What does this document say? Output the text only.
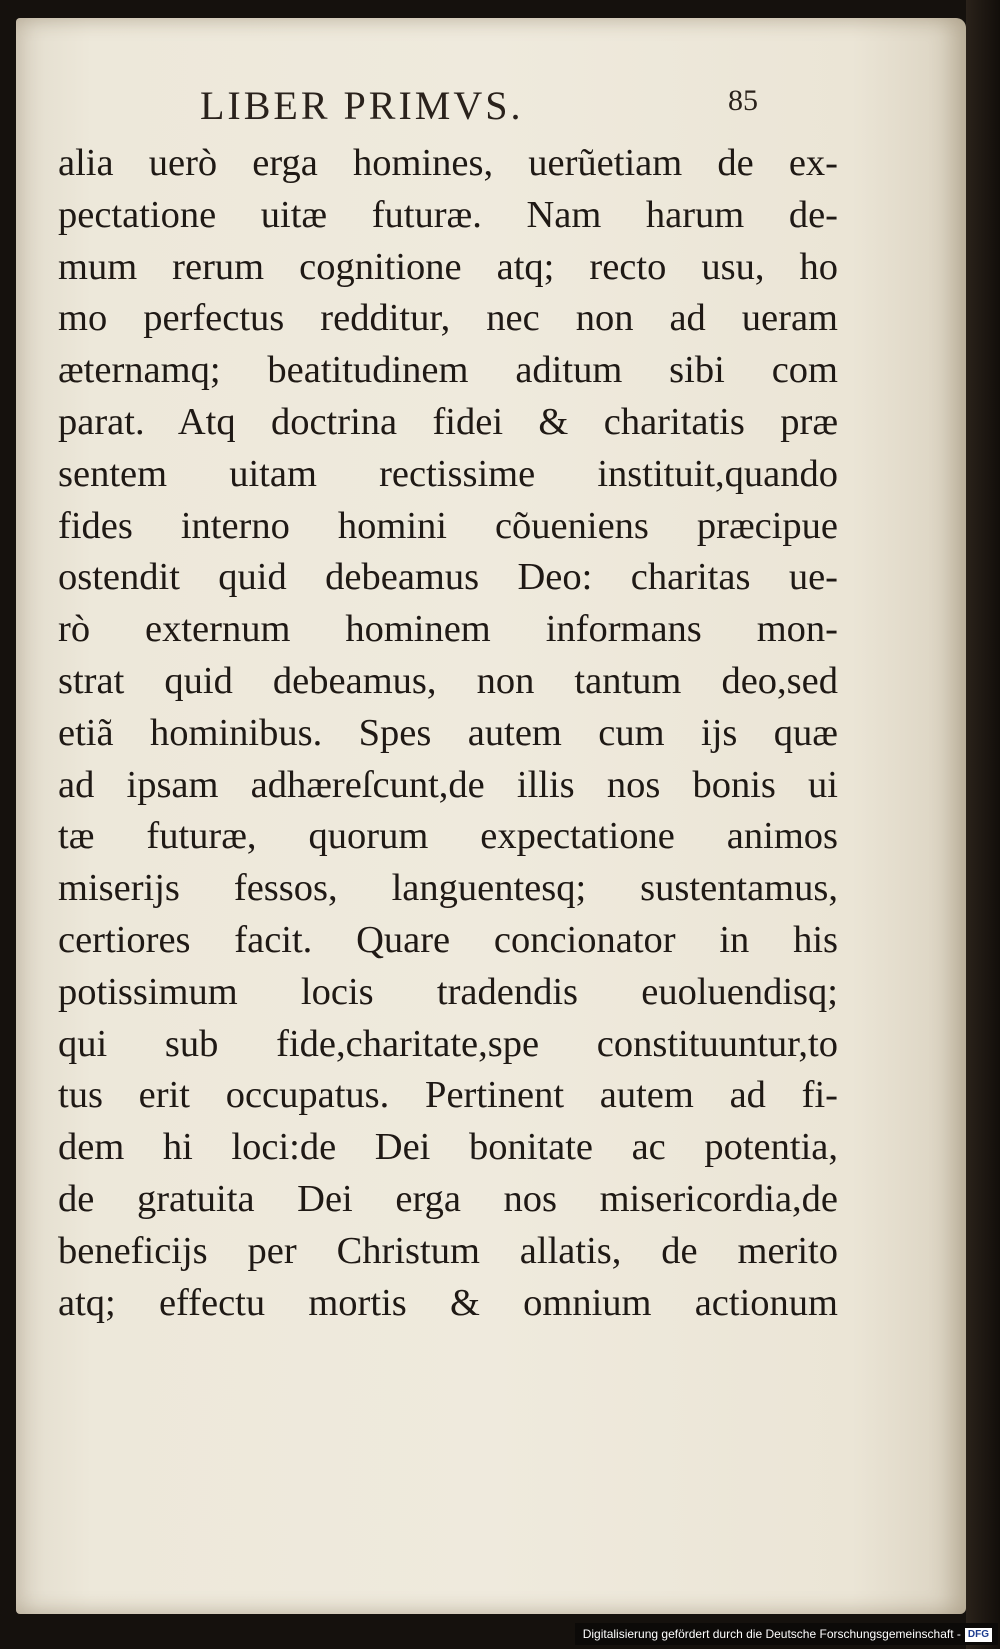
LIBER PRIMVS.	85
alia uerò erga homines, uerũetiam de ex-
pectatione uitæ futuræ. Nam harum de-
mum rerum cognitione atq; recto usu, ho
mo perfectus redditur, nec non ad ueram
æternamq; beatitudinem aditum sibi com
parat. Atq doctrina fidei & charitatis præ
sentem uitam rectissime instituit,quando
fides interno homini cõueniens præcipue
ostendit quid debeamus Deo: charitas ue-
rò externum hominem informans mon-
strat quid debeamus, non tantum deo,sed
etiã hominibus. Spes autem cum ijs quæ
ad ipsam adhæreſcunt,de illis nos bonis ui
tæ futuræ, quorum expectatione animos
miserijs fessos, languentesq; sustentamus,
certiores facit. Quare concionator in his
potissimum locis tradendis euoluendisq;
qui sub fide,charitate,spe constituuntur,to
tus erit occupatus. Pertinent autem ad fi-
dem hi loci:de Dei bonitate ac potentia,
de gratuita Dei erga nos misericordia,de
beneficijs per Christum allatis, de merito
atq; effectu mortis & omnium actionum
Digitalisierung gefördert durch die Deutsche Forschungsgemeinschaft - DFG
